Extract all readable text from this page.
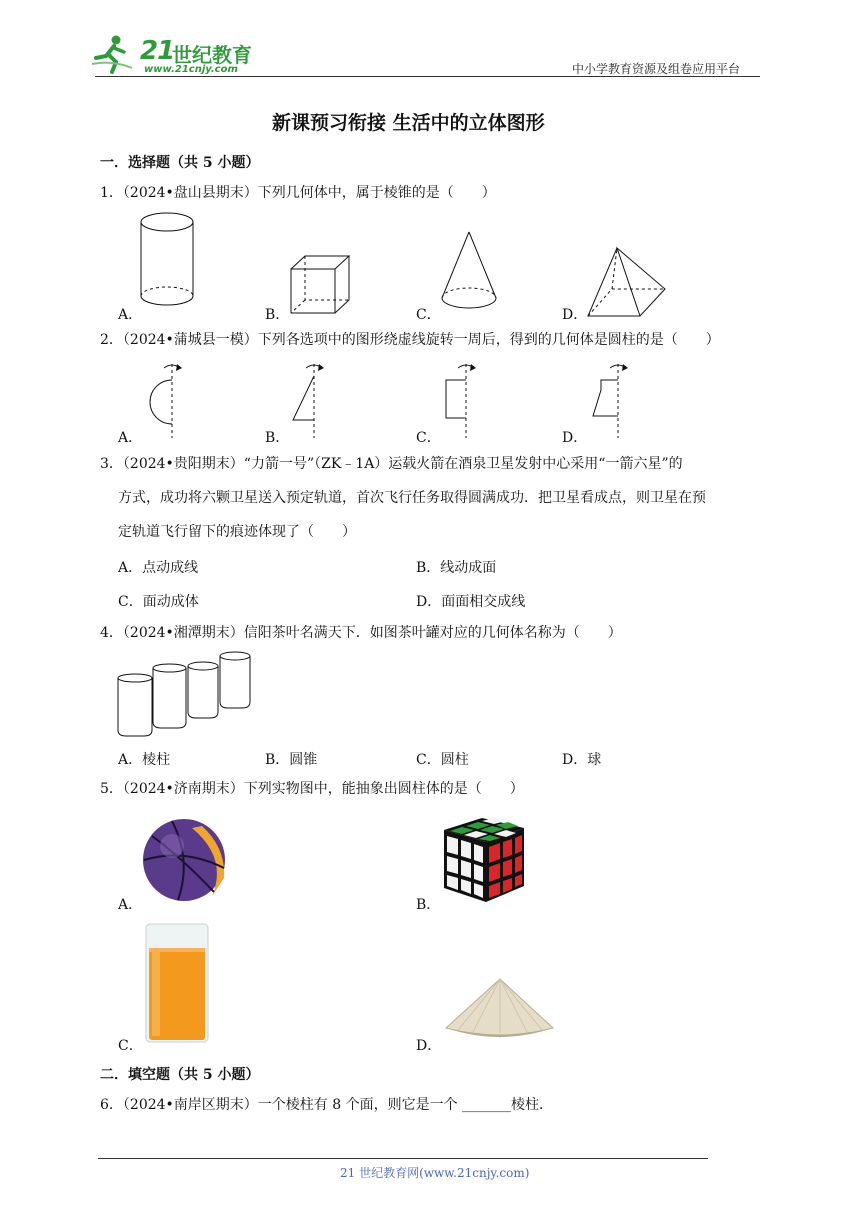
21
世纪教育
www.21cnjy.com	中小学教育资源及组卷应用平台
新课预习衔接 生活中的立体图形
一．选择题（共 5 小题）
1．（2024•盘山县期末）下列几何体中，属于棱锥的是（　　）
A．	B．	C．	D．
2．（2024•蒲城县一模）下列各选项中的图形绕虚线旋转一周后，得到的几何体是圆柱的是（　　）
A．	B．	C．	D．
3．（2024•贵阳期末）“力箭一号”（ZK﹣1A）运载火箭在酒泉卫星发射中心采用“一箭六星”的
方式，成功将六颗卫星送入预定轨道，首次飞行任务取得圆满成功．把卫星看成点，则卫星在预
定轨道飞行留下的痕迹体现了（　　）
A．点动成线	B．线动成面
C．面动成体	D．面面相交成线
4．（2024•湘潭期末）信阳茶叶名满天下．如图茶叶罐对应的几何体名称为（　　）
A．棱柱	B．圆锥	C．圆柱	D．球
5．（2024•济南期末）下列实物图中，能抽象出圆柱体的是（　　）
A．	B．
C．	D．
二．填空题（共 5 小题）
6．（2024•南岸区期末）一个棱柱有 8 个面，则它是一个 _______棱柱．
21 世纪教育网(www.21cnjy.com)
